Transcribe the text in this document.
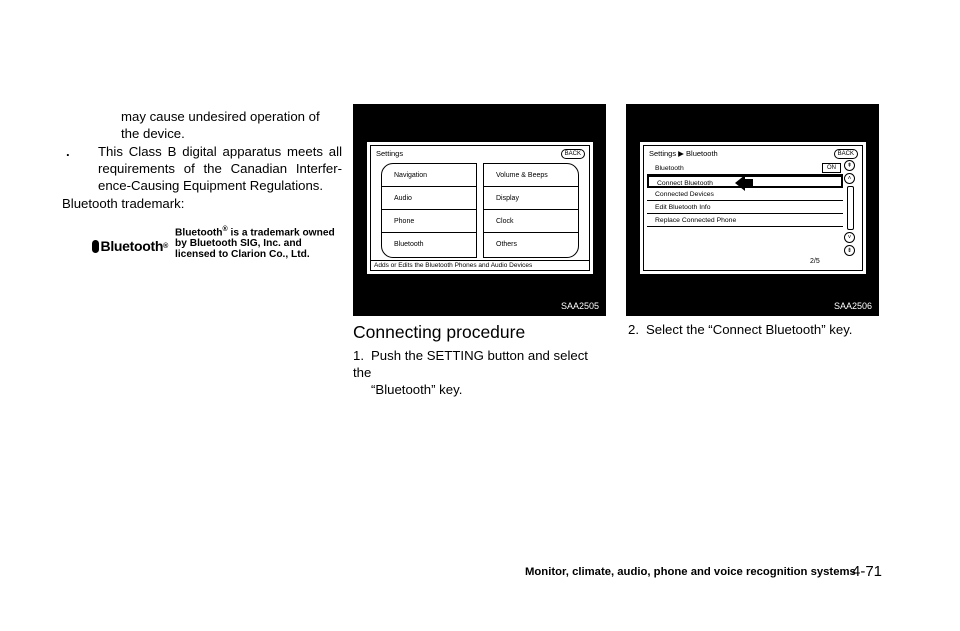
may cause undesired operation of
the device.
.	This Class B digital apparatus meets all requirements of the Canadian Interfer-ence-Causing Equipment Regulations.
Bluetooth trademark:
Bluetooth ®
Bluetooth® is a trademark owned by Bluetooth SIG, Inc. and licensed to Clarion Co., Ltd.
Settings	BACK
Navigation
Audio
Phone
Bluetooth
Volume & Beeps
Display
Clock
Others
Adds or Edits the Bluetooth Phones and Audio Devices
SAA2505
Settings ▶ Bluetooth	BACK
Bluetooth	ON
Connect Bluetooth
Connected Devices
Edit Bluetooth Info
Replace Connected Phone
2/5
⇞
˄
˅
⇟
SAA2506
Connecting procedure
1. Push the SETTING button and select the
“Bluetooth” key.
2. Select the “Connect Bluetooth” key.
Monitor, climate, audio, phone and voice recognition systems
4-71
